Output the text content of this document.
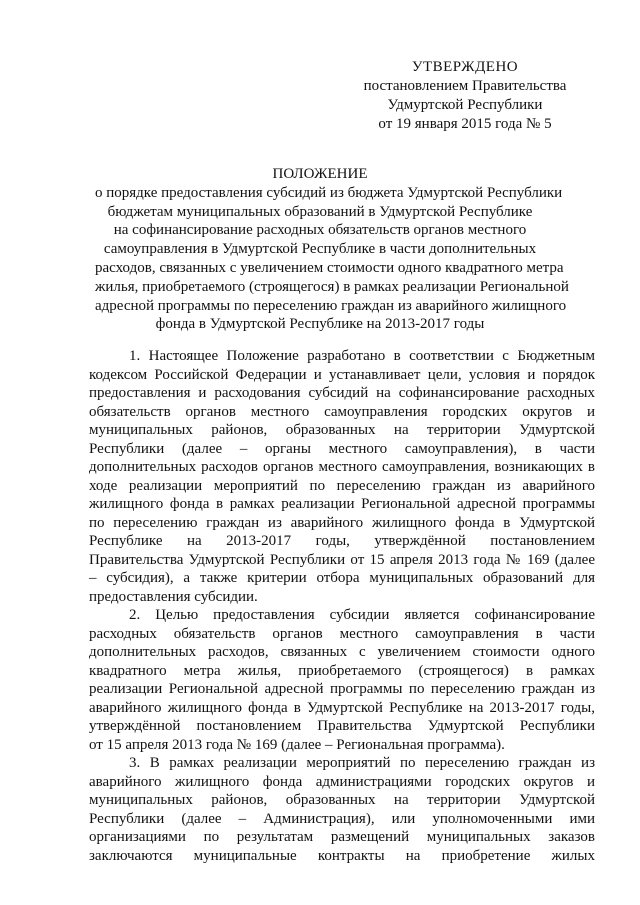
УТВЕРЖДЕНО
постановлением Правительства
Удмуртской Республики
от 19 января 2015 года № 5
ПОЛОЖЕНИЕ
о порядке предоставления субсидий из бюджета Удмуртской Республики
бюджетам муниципальных образований в Удмуртской Республике
на софинансирование расходных обязательств органов местного
самоуправления в Удмуртской Республике в части дополнительных
расходов, связанных с увеличением стоимости одного квадратного метра
жилья, приобретаемого (строящегося) в рамках реализации Региональной
адресной программы по переселению граждан из аварийного жилищного
фонда в Удмуртской Республике на 2013-2017 годы
1. Настоящее Положение разработано в соответствии с Бюджетным
кодексом Российской Федерации и устанавливает цели, условия и порядок
предоставления и расходования субсидий на софинансирование расходных
обязательств органов местного самоуправления городских округов и
муниципальных районов, образованных на территории Удмуртской
Республики (далее – органы местного самоуправления), в части
дополнительных расходов органов местного самоуправления, возникающих в
ходе реализации мероприятий по переселению граждан из аварийного
жилищного фонда в рамках реализации Региональной адресной программы
по переселению граждан из аварийного жилищного фонда в Удмуртской
Республике на 2013-2017 годы, утверждённой постановлением
Правительства Удмуртской Республики от 15 апреля 2013 года № 169 (далее
– субсидия), а также критерии отбора муниципальных образований для
предоставления субсидии.
2. Целью предоставления субсидии является софинансирование
расходных обязательств органов местного самоуправления в части
дополнительных расходов, связанных с увеличением стоимости одного
квадратного метра жилья, приобретаемого (строящегося) в рамках
реализации Региональной адресной программы по переселению граждан из
аварийного жилищного фонда в Удмуртской Республике на 2013-2017 годы,
утверждённой постановлением Правительства Удмуртской Республики
от 15 апреля 2013 года № 169 (далее – Региональная программа).
3. В рамках реализации мероприятий по переселению граждан из
аварийного жилищного фонда администрациями городских округов и
муниципальных районов, образованных на территории Удмуртской
Республики (далее – Администрация), или уполномоченными ими
организациями по результатам размещений муниципальных заказов
заключаются муниципальные контракты на приобретение жилых
